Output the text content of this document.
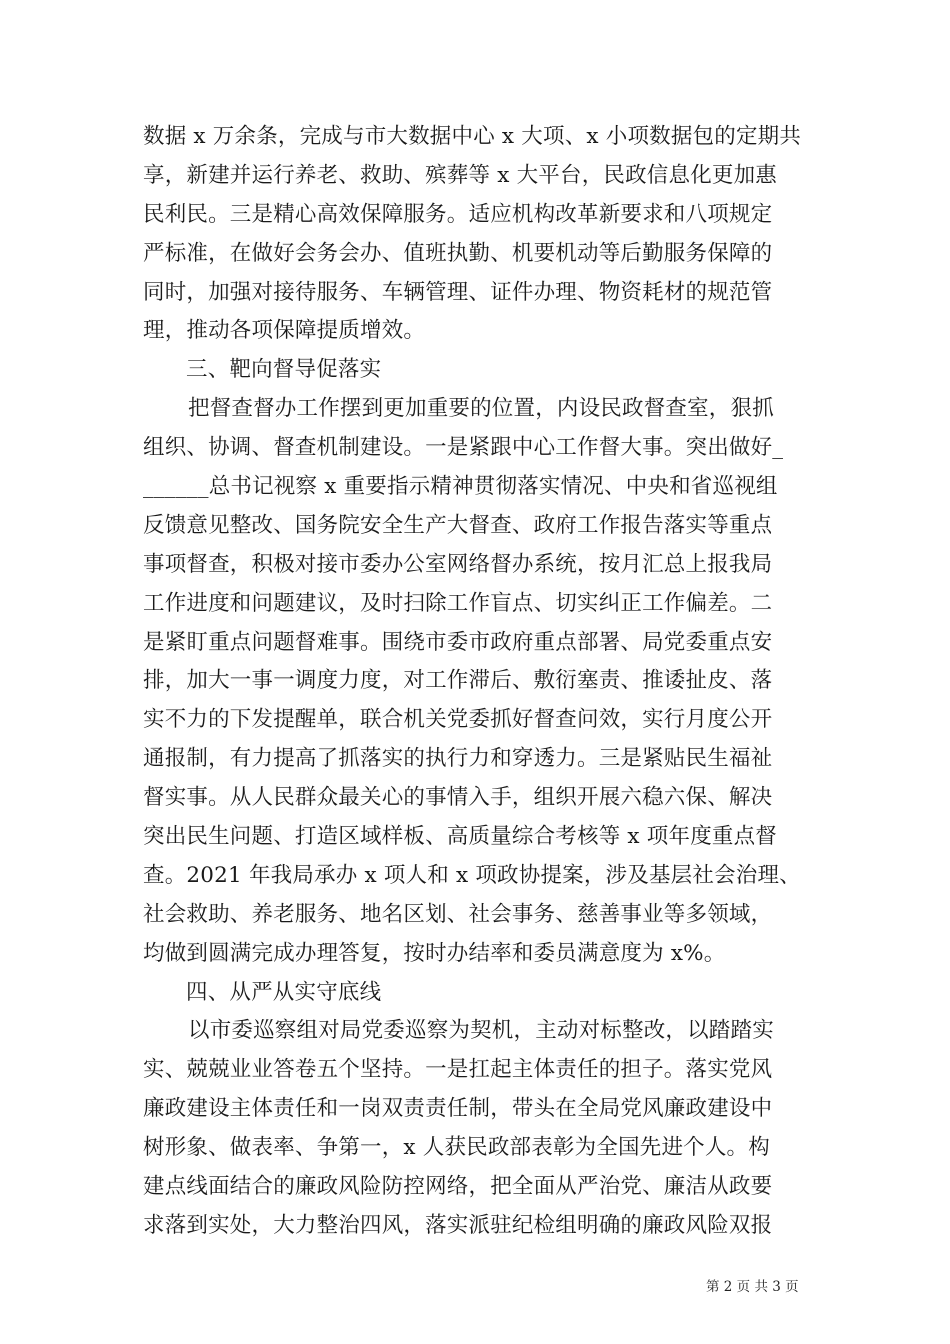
数据 x 万余条，完成与市大数据中心 x 大项、x 小项数据包的定期共
享，新建并运行养老、救助、殡葬等 x 大平台，民政信息化更加惠
民利民。三是精心高效保障服务。适应机构改革新要求和八项规定
严标准，在做好会务会办、值班执勤、机要机动等后勤服务保障的
同时，加强对接待服务、车辆管理、证件办理、物资耗材的规范管
理，推动各项保障提质增效。
三、靶向督导促落实
把督查督办工作摆到更加重要的位置，内设民政督查室，狠抓
组织、协调、督查机制建设。一是紧跟中心工作督大事。突出做好_
______总书记视察 x 重要指示精神贯彻落实情况、中央和省巡视组
反馈意见整改、国务院安全生产大督查、政府工作报告落实等重点
事项督查，积极对接市委办公室网络督办系统，按月汇总上报我局
工作进度和问题建议，及时扫除工作盲点、切实纠正工作偏差。二
是紧盯重点问题督难事。围绕市委市政府重点部署、局党委重点安
排，加大一事一调度力度，对工作滞后、敷衍塞责、推诿扯皮、落
实不力的下发提醒单，联合机关党委抓好督查问效，实行月度公开
通报制，有力提高了抓落实的执行力和穿透力。三是紧贴民生福祉
督实事。从人民群众最关心的事情入手，组织开展六稳六保、解决
突出民生问题、打造区域样板、高质量综合考核等 x 项年度重点督
查。2021 年我局承办 x 项人和 x 项政协提案，涉及基层社会治理、
社会救助、养老服务、地名区划、社会事务、慈善事业等多领域，
均做到圆满完成办理答复，按时办结率和委员满意度为 x%。
四、从严从实守底线
以市委巡察组对局党委巡察为契机，主动对标整改，以踏踏实
实、兢兢业业答卷五个坚持。一是扛起主体责任的担子。落实党风
廉政建设主体责任和一岗双责责任制，带头在全局党风廉政建设中
树形象、做表率、争第一，x 人获民政部表彰为全国先进个人。构
建点线面结合的廉政风险防控网络，把全面从严治党、廉洁从政要
求落到实处，大力整治四风，落实派驻纪检组明确的廉政风险双报
第 2 页 共 3 页
